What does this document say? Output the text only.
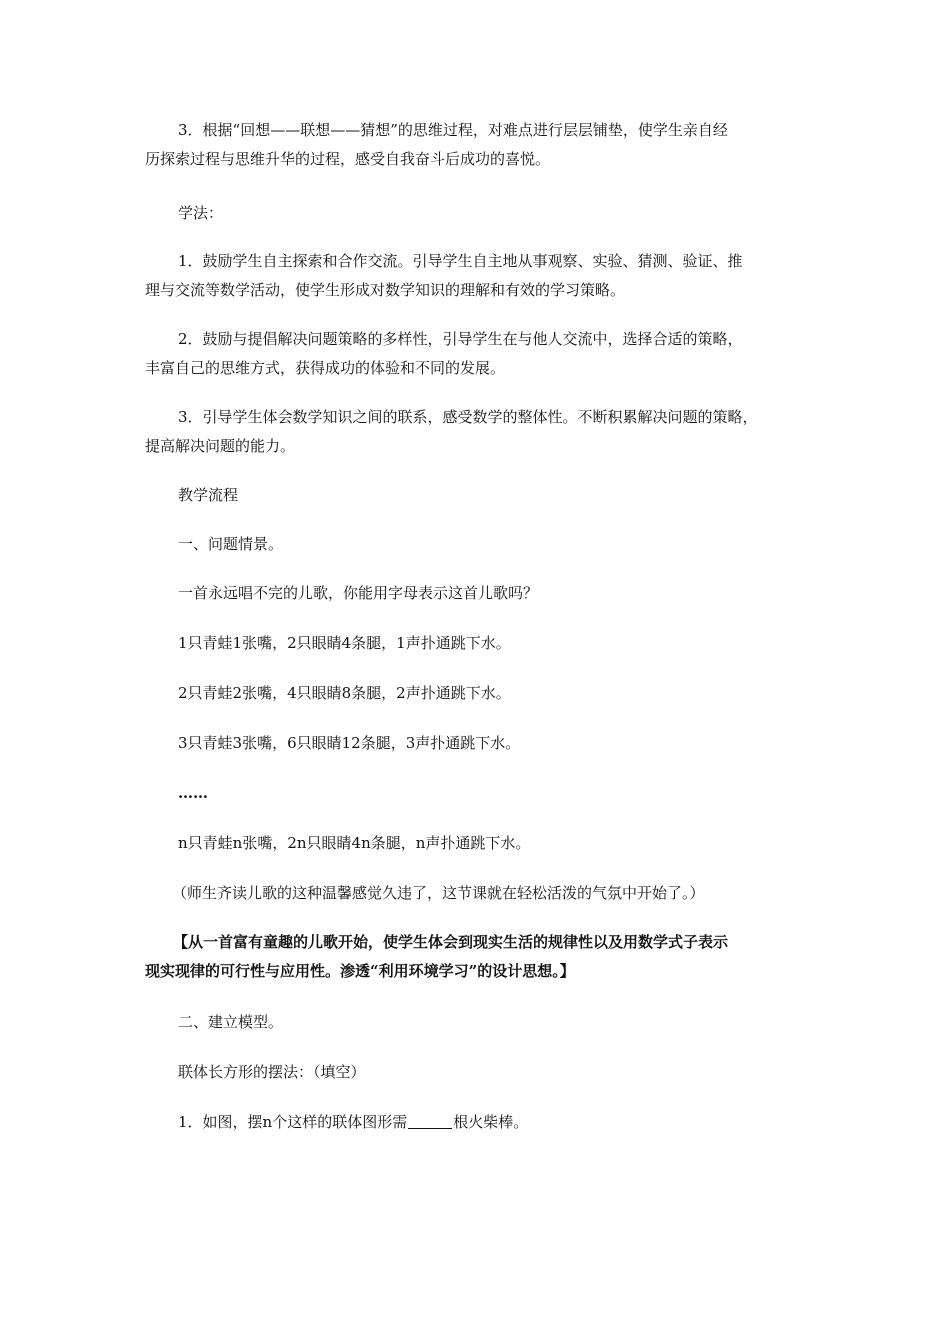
3．根据“回想——联想——猜想”的思维过程，对难点进行层层铺垫，使学生亲自经
历探索过程与思维升华的过程，感受自我奋斗后成功的喜悦。

学法：

1．鼓励学生自主探索和合作交流。引导学生自主地从事观察、实验、猜测、验证、推
理与交流等数学活动，使学生形成对数学知识的理解和有效的学习策略。

2．鼓励与提倡解决问题策略的多样性，引导学生在与他人交流中，选择合适的策略，
丰富自己的思维方式，获得成功的体验和不同的发展。

3．引导学生体会数学知识之间的联系，感受数学的整体性。不断积累解决问题的策略，
提高解决问题的能力。

教学流程

一、问题情景。

一首永远唱不完的儿歌，你能用字母表示这首儿歌吗？

1只青蛙1张嘴，2只眼睛4条腿，1声扑通跳下水。

2只青蛙2张嘴，4只眼睛8条腿，2声扑通跳下水。

3只青蛙3张嘴，6只眼睛12条腿，3声扑通跳下水。

……

n只青蛙n张嘴，2n只眼睛4n条腿，n声扑通跳下水。

（师生齐读儿歌的这种温馨感觉久违了，这节课就在轻松活泼的气氛中开始了。）

【从一首富有童趣的儿歌开始，使学生体会到现实生活的规律性以及用数学式子表示
现实现律的可行性与应用性。渗透“利用环境学习”的设计思想。】

二、建立模型。

联体长方形的摆法：（填空）

1．如图，摆n个这样的联体图形需	根火柴棒。
